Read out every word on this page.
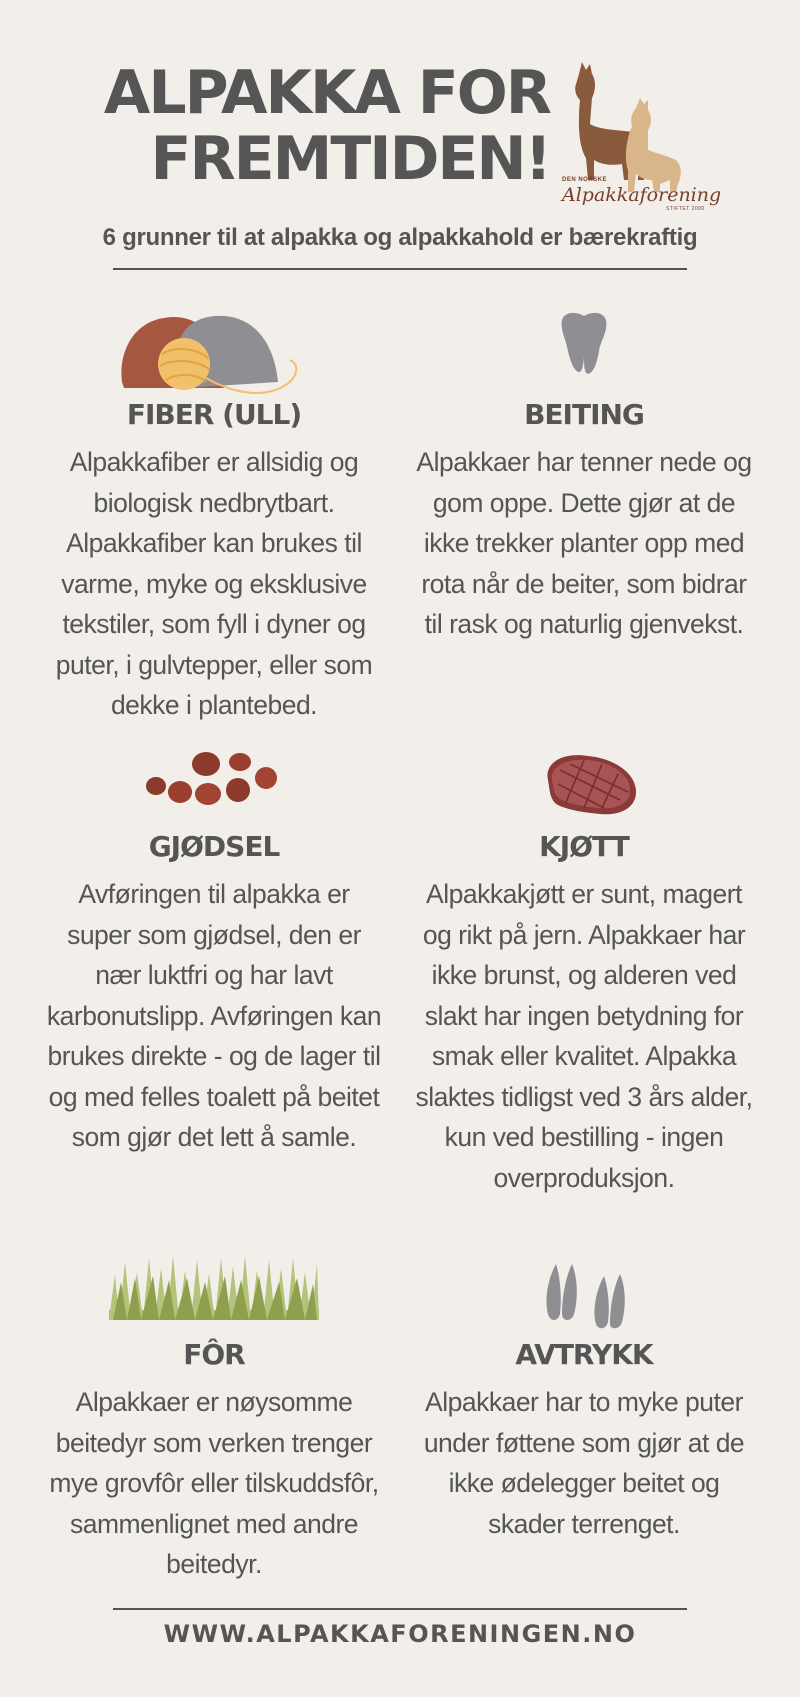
ALPAKKA FOR
FREMTIDEN! DEN NORSKE
Alpakkaforening
STIFTET 2000
6 grunner til at alpakka og alpakkahold er bærekraftig
FIBER (ULL)

Alpakkafiber er allsidig og biologisk nedbrytbart. Alpakkafiber kan brukes til varme, myke og eksklusive tekstiler, som fyll i dyner og puter, i gulvtepper, eller som dekke i plantebed.

BEITING

Alpakkaer har tenner nede og gom oppe. Dette gjør at de ikke trekker planter opp med rota når de beiter, som bidrar til rask og naturlig gjenvekst.

GJØDSEL

Avføringen til alpakka er super som gjødsel, den er nær luktfri og har lavt karbonutslipp. Avføringen kan brukes direkte - og de lager til og med felles toalett på beitet som gjør det lett å samle.

KJØTT

Alpakkakjøtt er sunt, magert og rikt på jern. Alpakkaer har ikke brunst, og alderen ved slakt har ingen betydning for smak eller kvalitet. Alpakka slaktes tidligst ved 3 års alder, kun ved bestilling - ingen overproduksjon.

FÔR

Alpakkaer er nøysomme beitedyr som verken trenger mye grovfôr eller tilskuddsfôr, sammenlignet med andre beitedyr.

AVTRYKK

Alpakkaer har to myke puter under føttene som gjør at de ikke ødelegger beitet og skader terrenget.

WWW.ALPAKKAFORENINGEN.NO
